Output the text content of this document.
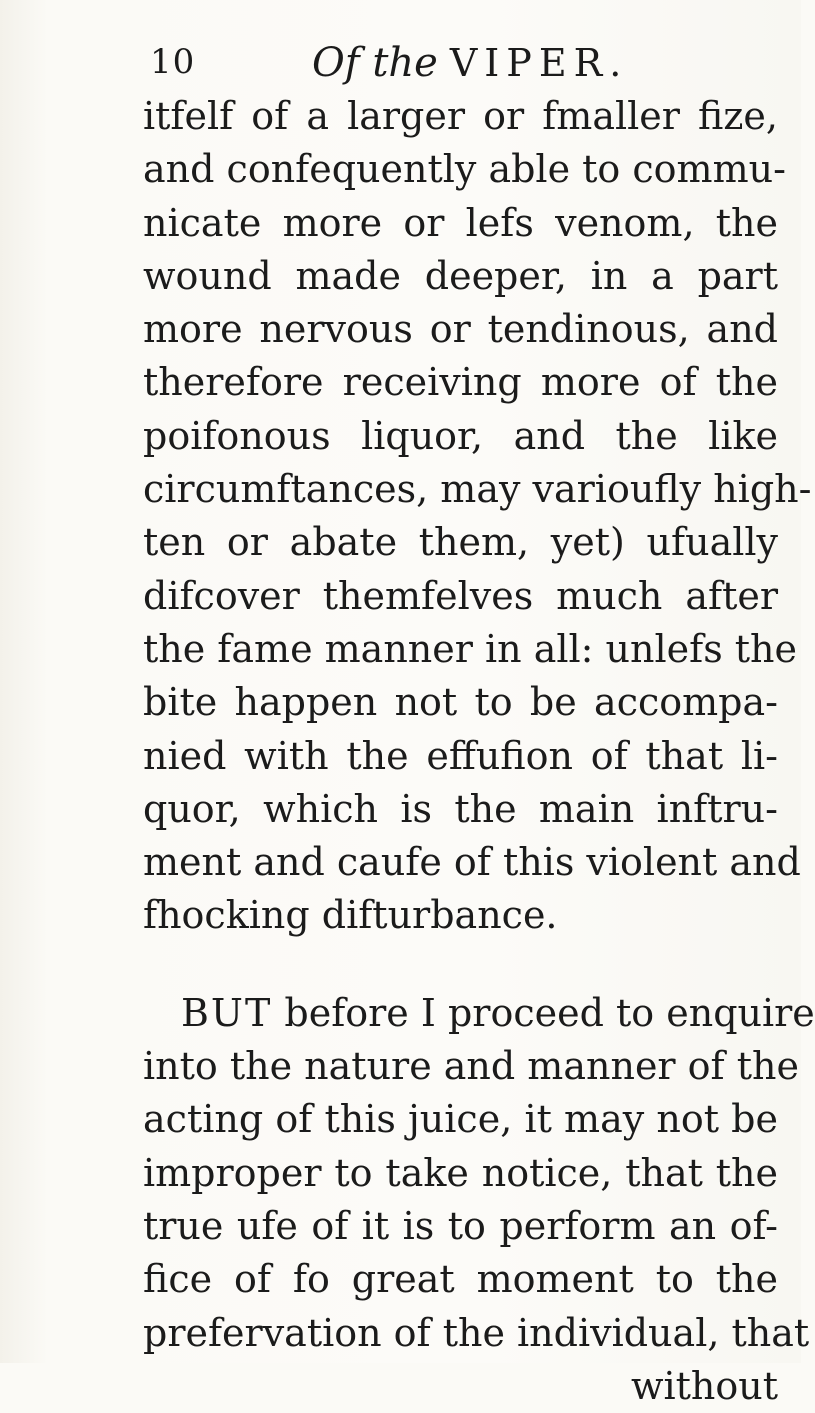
10	Of the VIPER.
itfelf of a larger or fmaller fize,
and confequently able to commu-
nicate more or lefs venom, the
wound made deeper, in a part
more nervous or tendinous, and
therefore receiving more of the
poifonous liquor, and the like
circumftances, may varioufly high-
ten or abate them, yet) ufually
difcover themfelves much after
the fame manner in all: unlefs the
bite happen not to be accompa-
nied with the effufion of that li-
quor, which is the main inftru-
ment and caufe of this violent and
fhocking difturbance.
BUT before I proceed to enquire
into the nature and manner of the
acting of this juice, it may not be
improper to take notice, that the
true ufe of it is to perform an of-
fice of fo great moment to the
prefervation of the individual, that
without
